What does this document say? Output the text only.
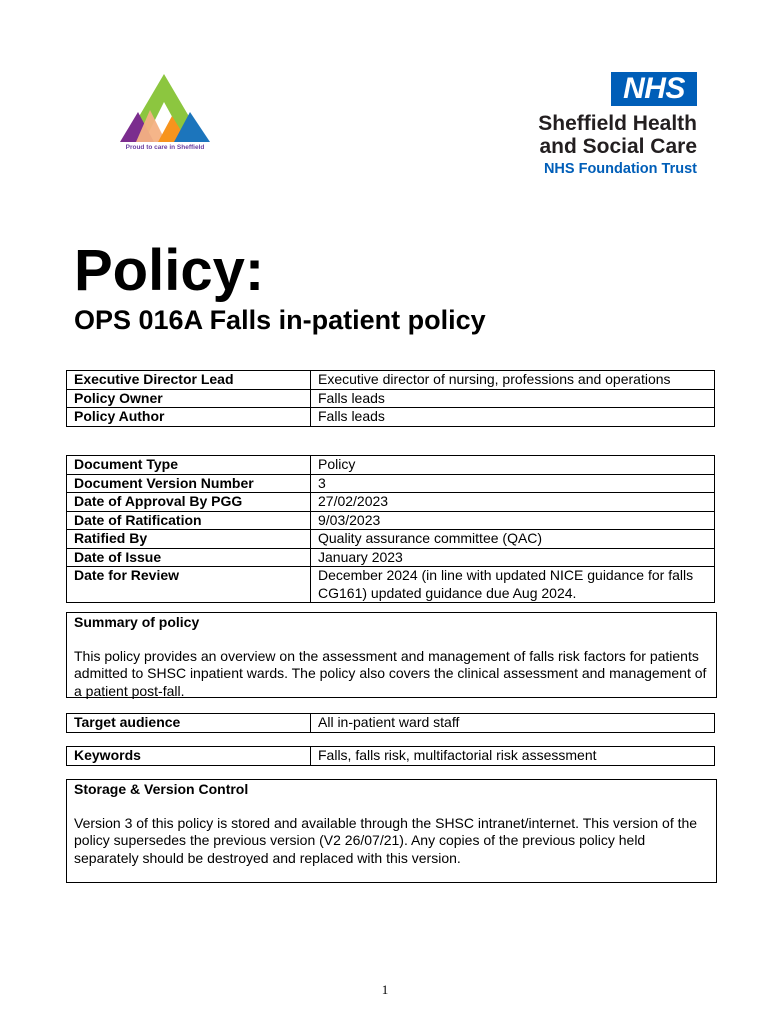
Proud to care in Sheffield
NHS
Sheffield Health
and Social Care
NHS Foundation Trust
Policy:
OPS 016A Falls in-patient policy
Executive Director Lead	Executive director of nursing, professions and operations
Policy Owner	Falls leads
Policy Author	Falls leads
Document Type	Policy
Document Version Number	3
Date of Approval By PGG	27/02/2023
Date of Ratification	9/03/2023
Ratified By	Quality assurance committee (QAC)
Date of Issue	January 2023
Date for Review	December 2024 (in line with updated NICE guidance for falls CG161) updated guidance due Aug 2024.
Summary of policy

This policy provides an overview on the assessment and management of falls risk factors for patients admitted to SHSC inpatient wards. The policy also covers the clinical assessment and management of a patient post-fall.

Target audience	All in-patient ward staff
Keywords	Falls, falls risk, multifactorial risk assessment
Storage & Version Control

Version 3 of this policy is stored and available through the SHSC intranet/internet. This version of the policy supersedes the previous version (V2 26/07/21). Any copies of the previous policy held separately should be destroyed and replaced with this version.

1
